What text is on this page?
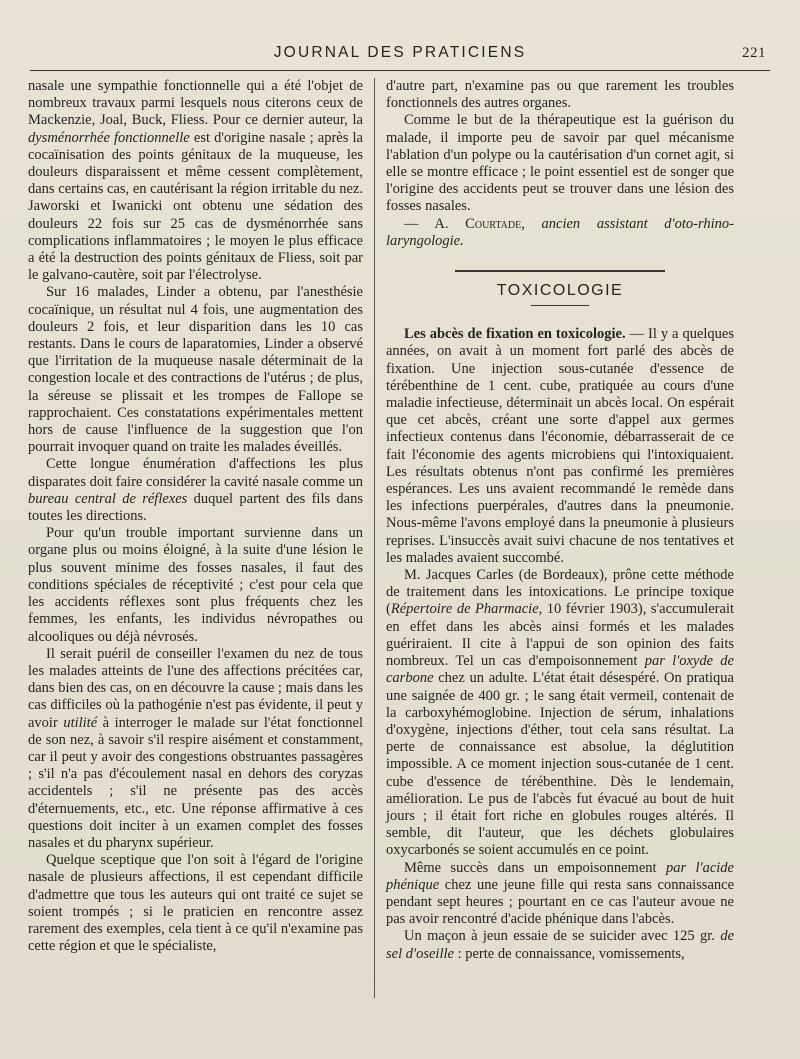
JOURNAL DES PRATICIENS	221

nasale une sympathie fonctionnelle qui a été l'objet de nombreux travaux parmi lesquels nous citerons ceux de Mackenzie, Joal, Buck, Fliess. Pour ce dernier auteur, la dysménorrhée fonctionnelle est d'origine nasale ; après la cocaïnisation des points génitaux de la muqueuse, les douleurs disparaissent et même cessent complètement, dans certains cas, en cautérisant la région irritable du nez. Jaworski et Iwanicki ont obtenu une sédation des douleurs 22 fois sur 25 cas de dysménorrhée sans complications inflammatoires ; le moyen le plus efficace a été la destruction des points génitaux de Fliess, soit par le galvano-cautère, soit par l'électrolyse.

Sur 16 malades, Linder a obtenu, par l'anesthésie cocaïnique, un résultat nul 4 fois, une augmentation des douleurs 2 fois, et leur disparition dans les 10 cas restants. Dans le cours de laparatomies, Linder a observé que l'irritation de la muqueuse nasale déterminait de la congestion locale et des contractions de l'utérus ; de plus, la séreuse se plissait et les trompes de Fallope se rapprochaient. Ces constatations expérimentales mettent hors de cause l'influence de la suggestion que l'on pourrait invoquer quand on traite les malades éveillés.

Cette longue énumération d'affections les plus disparates doit faire considérer la cavité nasale comme un bureau central de réflexes duquel partent des fils dans toutes les directions.

Pour qu'un trouble important survienne dans un organe plus ou moins éloigné, à la suite d'une lésion le plus souvent minime des fosses nasales, il faut des conditions spéciales de réceptivité ; c'est pour cela que les accidents réflexes sont plus fréquents chez les femmes, les enfants, les individus névropathes ou alcooliques ou déjà névrosés.

Il serait puéril de conseiller l'examen du nez de tous les malades atteints de l'une des affections précitées car, dans bien des cas, on en découvre la cause ; mais dans les cas difficiles où la pathogénie n'est pas évidente, il peut y avoir utilité à interroger le malade sur l'état fonctionnel de son nez, à savoir s'il respire aisément et constamment, car il peut y avoir des congestions obstruantes passagères ; s'il n'a pas d'écoulement nasal en dehors des coryzas accidentels ; s'il ne présente pas des accès d'éternuements, etc., etc. Une réponse affirmative à ces questions doit inciter à un examen complet des fosses nasales et du pharynx supérieur.

Quelque sceptique que l'on soit à l'égard de l'origine nasale de plusieurs affections, il est cependant difficile d'admettre que tous les auteurs qui ont traité ce sujet se soient trompés ; si le praticien en rencontre assez rarement des exemples, cela tient à ce qu'il n'examine pas cette région et que le spécialiste,

d'autre part, n'examine pas ou que rarement les troubles fonctionnels des autres organes.

Comme le but de la thérapeutique est la guérison du malade, il importe peu de savoir par quel mécanisme l'ablation d'un polype ou la cautérisation d'un cornet agit, si elle se montre efficace ; le point essentiel est de songer que l'origine des accidents peut se trouver dans une lésion des fosses nasales.

— A. Courtade, ancien assistant d'oto-rhino-laryngologie.

TOXICOLOGIE

Les abcès de fixation en toxicologie. — Il y a quelques années, on avait à un moment fort parlé des abcès de fixation. Une injection sous-cutanée d'essence de térébenthine de 1 cent. cube, pratiquée au cours d'une maladie infectieuse, déterminait un abcès local. On espérait que cet abcès, créant une sorte d'appel aux germes infectieux contenus dans l'économie, débarrasserait de ce fait l'économie des agents microbiens qui l'intoxiquaient. Les résultats obtenus n'ont pas confirmé les premières espérances. Les uns avaient recommandé le remède dans les infections puerpérales, d'autres dans la pneumonie. Nous-même l'avons employé dans la pneumonie à plusieurs reprises. L'insuccès avait suivi chacune de nos tentatives et les malades avaient succombé.

M. Jacques Carles (de Bordeaux), prône cette méthode de traitement dans les intoxications. Le principe toxique (Répertoire de Pharmacie, 10 février 1903), s'accumulerait en effet dans les abcès ainsi formés et les malades guériraient. Il cite à l'appui de son opinion des faits nombreux. Tel un cas d'empoisonnement par l'oxyde de carbone chez un adulte. L'état était désespéré. On pratiqua une saignée de 400 gr. ; le sang était vermeil, contenait de la carboxyhémoglobine. Injection de sérum, inhalations d'oxygène, injections d'éther, tout cela sans résultat. La perte de connaissance est absolue, la déglutition impossible. A ce moment injection sous-cutanée de 1 cent. cube d'essence de térébenthine. Dès le lendemain, amélioration. Le pus de l'abcès fut évacué au bout de huit jours ; il était fort riche en globules rouges altérés. Il semble, dit l'auteur, que les déchets globulaires oxycarbonés se soient accumulés en ce point.

Même succès dans un empoisonnement par l'acide phénique chez une jeune fille qui resta sans connaissance pendant sept heures ; pourtant en ce cas l'auteur avoue ne pas avoir rencontré d'acide phénique dans l'abcès.

Un maçon à jeun essaie de se suicider avec 125 gr. de sel d'oseille : perte de connaissance, vomissements,
